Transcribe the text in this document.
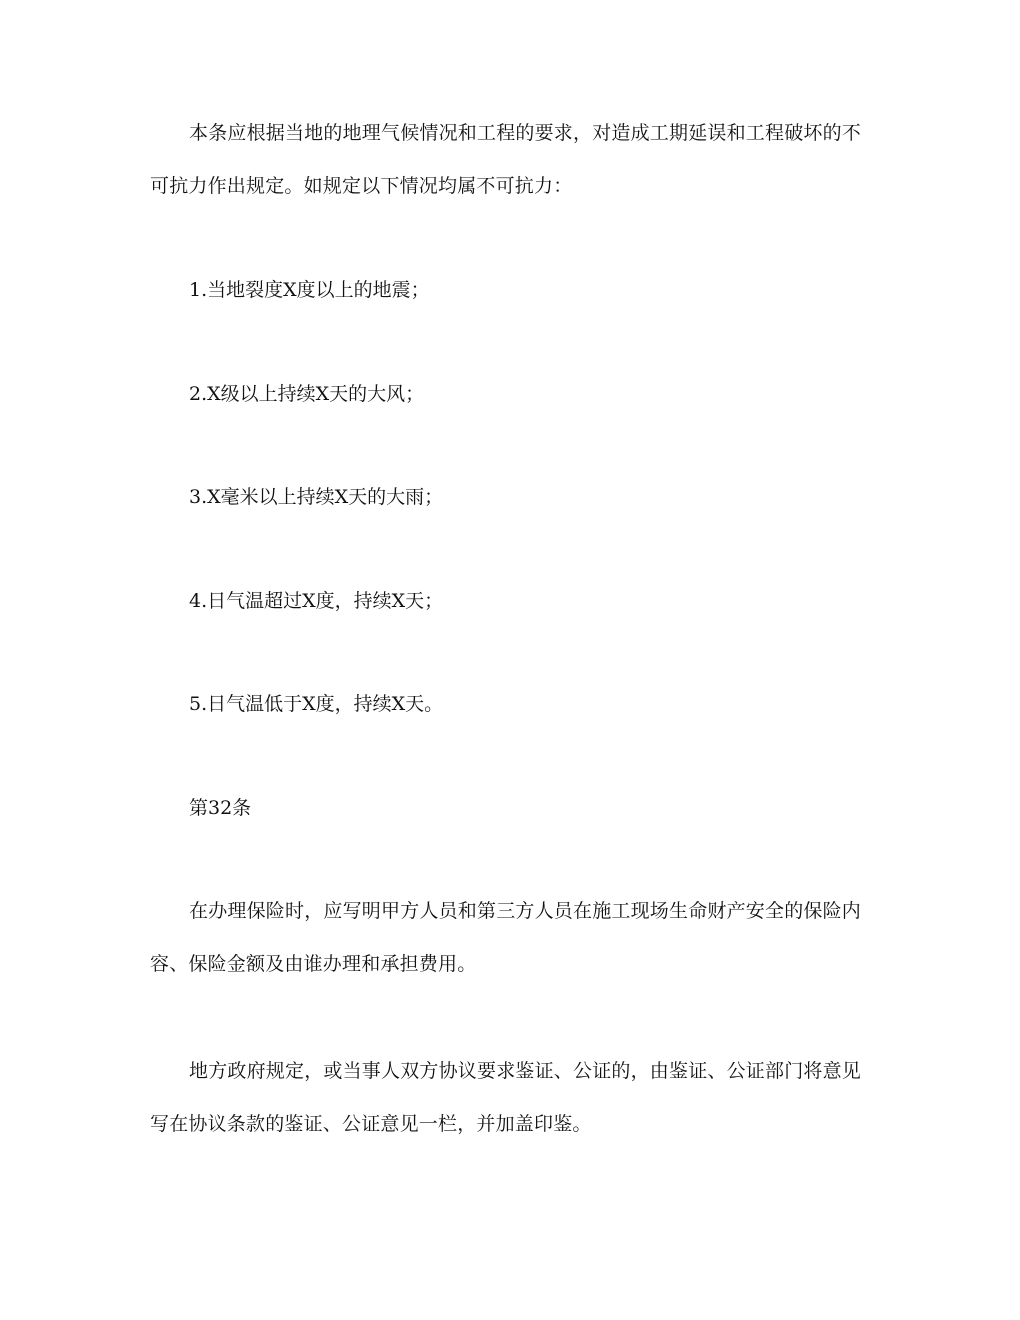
本条应根据当地的地理气候情况和工程的要求，对造成工期延误和工程破坏的不可抗力作出规定。如规定以下情况均属不可抗力：

1.当地裂度X度以上的地震；

2.X级以上持续X天的大风；

3.X毫米以上持续X天的大雨；

4.日气温超过X度，持续X天；

5.日气温低于X度，持续X天。

第32条

在办理保险时，应写明甲方人员和第三方人员在施工现场生命财产安全的保险内容、保险金额及由谁办理和承担费用。

地方政府规定，或当事人双方协议要求鉴证、公证的，由鉴证、公证部门将意见写在协议条款的鉴证、公证意见一栏，并加盖印鉴。
